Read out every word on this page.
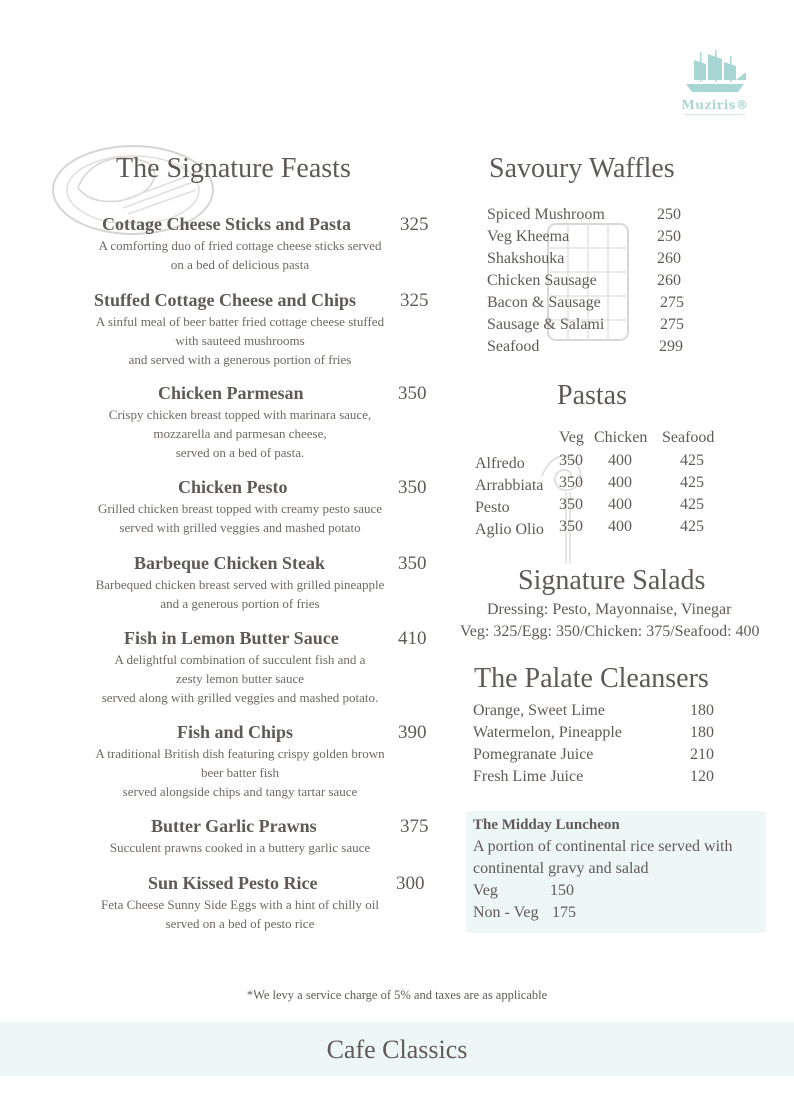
Muziris®
The Signature Feasts
Cottage Cheese Sticks and Pasta	325
A comforting duo of fried cottage cheese sticks served
on a bed of delicious pasta
Stuffed Cottage Cheese and Chips 325
A sinful meal of beer batter fried cottage cheese stuffed
with sauteed mushrooms
and served with a generous portion of fries
Chicken Parmesan	350
Crispy chicken breast topped with marinara sauce,
mozzarella and parmesan cheese,
served on a bed of pasta.
Chicken Pesto	350
Grilled chicken breast topped with creamy pesto sauce
served with grilled veggies and mashed potato
Barbeque Chicken Steak	350
Barbequed chicken breast served with grilled pineapple
and a generous portion of fries
Fish in Lemon Butter Sauce	410
A delightful combination of succulent fish and a
zesty lemon butter sauce
served along with grilled veggies and mashed potato.
Fish and Chips	390
A traditional British dish featuring crispy golden brown
beer batter fish
served alongside chips and tangy tartar sauce
Butter Garlic Prawns	375
Succulent prawns cooked in a buttery garlic sauce
Sun Kissed Pesto Rice	300
Feta Cheese Sunny Side Eggs with a hint of chilly oil
served on a bed of pesto rice
Savoury Waffles
Spiced Mushroom	250
Veg Kheema	250
Shakshouka	260
Chicken Sausage	260
Bacon & Sausage	275
Sausage & Salami	275
Seafood	299
Pastas
Veg Chicken Seafood
Alfredo 350 400	425
Arrabbiata 350 400	425
Pesto	350 400	425
Aglio Olio 350 400	425
Signature Salads
Dressing: Pesto, Mayonnaise, Vinegar
Veg: 325/Egg: 350/Chicken: 375/Seafood: 400
The Palate Cleansers
Orange, Sweet Lime	180
Watermelon, Pineapple	180
Pomegranate Juice	210
Fresh Lime Juice	120
The Midday Luncheon
A portion of continental rice served with
continental gravy and salad
Veg	150
Non - Veg 175
*We levy a service charge of 5% and taxes are as applicable
Cafe Classics
